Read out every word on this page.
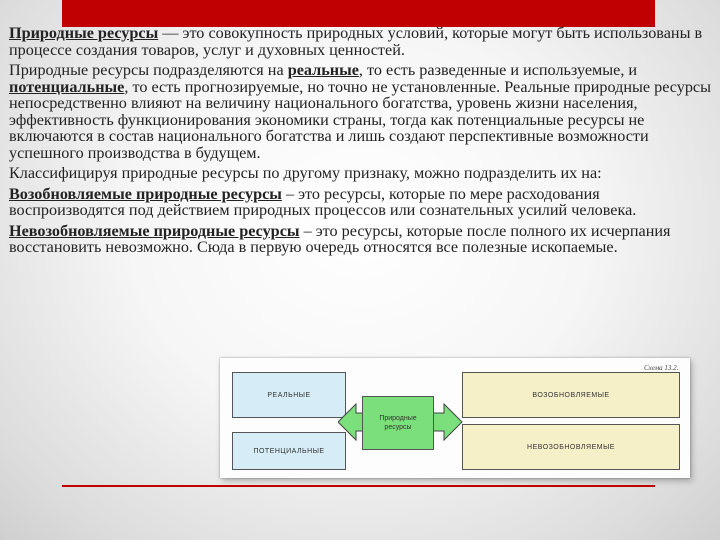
Природные ресурсы — это совокупность природных условий, которые могут быть использованы в процессе создания товаров, услуг и духовных ценностей.

Природные ресурсы подразделяются на реальные, то есть разведенные и используемые, и потенциальные, то есть прогнозируемые, но точно не установленные. Реальные природные ресурсы непосредственно влияют на величину национального богатства, уровень жизни населения, эффективность функционирования экономики страны, тогда как потенциальные ресурсы не включаются в состав национального богатства и лишь создают перспективные возможности успешного производства в будущем.

Классифицируя природные ресурсы по другому признаку, можно подразделить их на:

Возобновляемые природные ресурсы – это ресурсы, которые по мере расходования воспроизводятся под действием природных процессов или сознательных усилий человека.

Невозобновляемые природные ресурсы – это ресурсы, которые после полного их исчерпания восстановить невозможно. Сюда в первую очередь относятся все полезные ископаемые.

Схема 13.2.
РЕАЛЬНЫЕ	ВОЗОБНОВЛЯЕМЫЕ
ПОТЕНЦИАЛЬНЫЕ
НЕВОЗОБНОВЛЯЕМЫЕ
Природные
ресурсы
